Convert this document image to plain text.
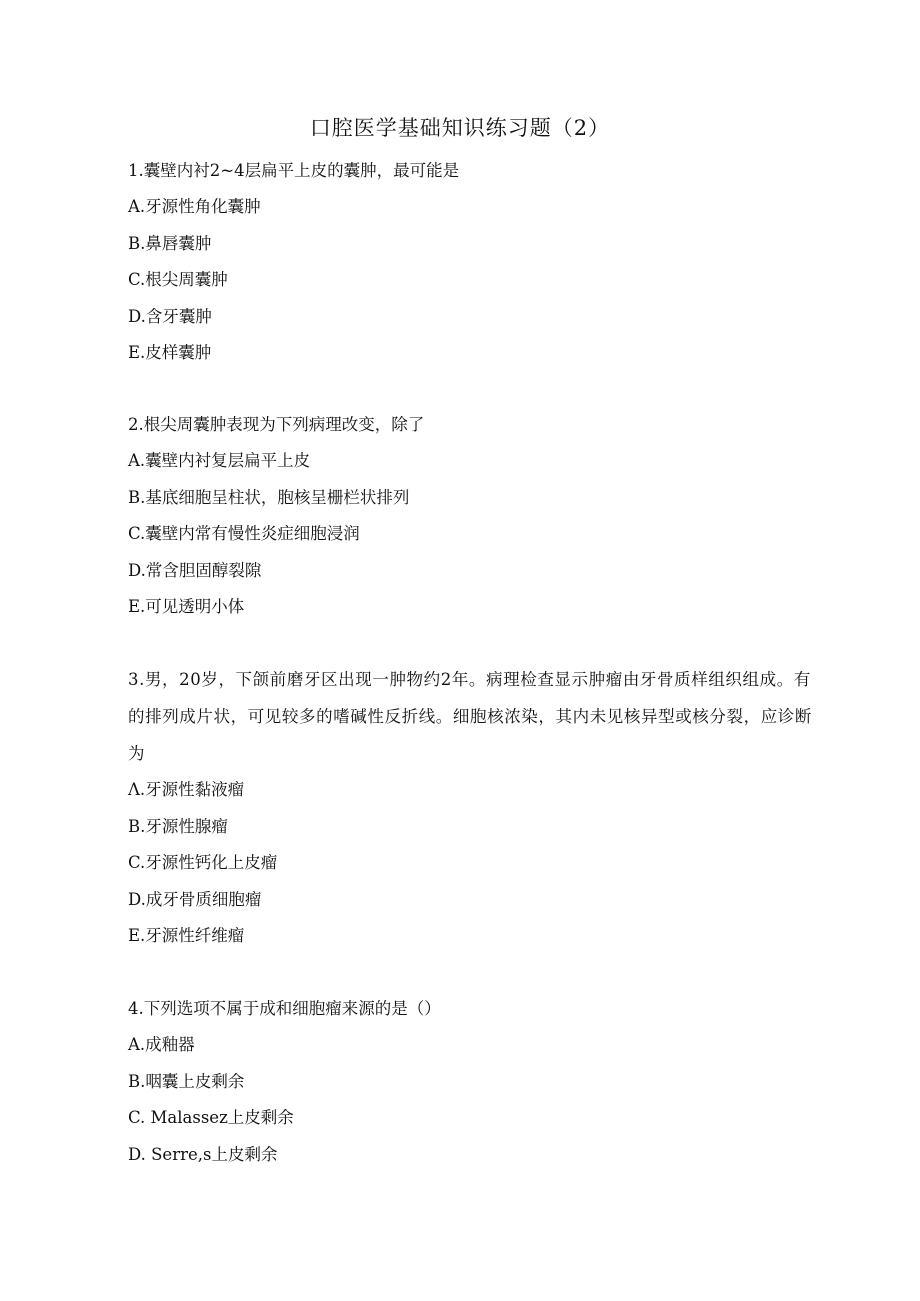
口腔医学基础知识练习题（2）

1.囊壁内衬2~4层扁平上皮的囊肿，最可能是

A.牙源性角化囊肿

B.鼻唇囊肿

C.根尖周囊肿

D.含牙囊肿

E.皮样囊肿

2.根尖周囊肿表现为下列病理改变，除了

A.囊壁内衬复层扁平上皮

B.基底细胞呈柱状，胞核呈栅栏状排列

C.囊壁内常有慢性炎症细胞浸润

D.常含胆固醇裂隙

E.可见透明小体

3.男，20岁，下颌前磨牙区出现一肿物约2年。病理检查显示肿瘤由牙骨质样组织组成。有的排列成片状，可见较多的嗜碱性反折线。细胞核浓染，其内未见核异型或核分裂，应诊断为

Λ.牙源性黏液瘤

B.牙源性腺瘤

C.牙源性钙化上皮瘤

D.成牙骨质细胞瘤

E.牙源性纤维瘤

4.下列选项不属于成和细胞瘤来源的是（）

A.成釉器

B.咽囊上皮剩余

C. Malassez上皮剩余

D. Serre,s上皮剩余
